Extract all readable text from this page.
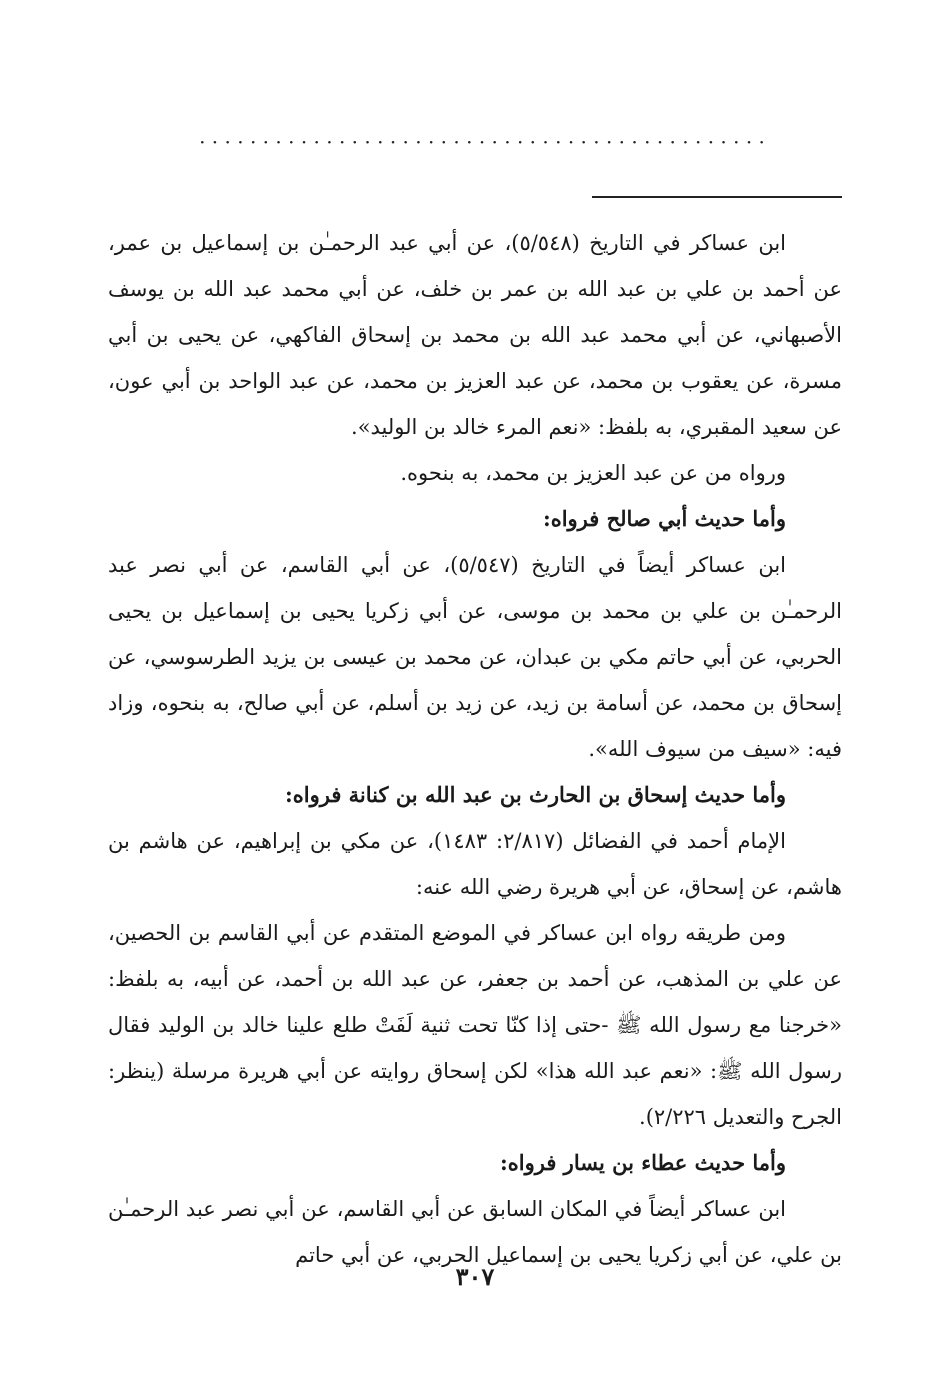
· · · · · · · · · · · · · · · · · · · · · · · · · · · · · · · · · · · · · · · · · · · · ·

ابن عساكر في التاريخ (٥/٥٤٨)، عن أبي عبد الرحمـٰن بن إسماعيل بن عمر، عن أحمد بن علي بن عبد الله بن عمر بن خلف، عن أبي محمد عبد الله بن يوسف الأصبهاني، عن أبي محمد عبد الله بن محمد بن إسحاق الفاكهي، عن يحيى بن أبي مسرة، عن يعقوب بن محمد، عن عبد العزيز بن محمد، عن عبد الواحد بن أبي عون، عن سعيد المقبري، به بلفظ: «نعم المرء خالد بن الوليد».

ورواه من عن عبد العزيز بن محمد، به بنحوه.

وأما حديث أبي صالح فرواه:

ابن عساكر أيضاً في التاريخ (٥/٥٤٧)، عن أبي القاسم، عن أبي نصر عبد الرحمـٰن بن علي بن محمد بن موسى، عن أبي زكريا يحيى بن إسماعيل بن يحيى الحربي، عن أبي حاتم مكي بن عبدان، عن محمد بن عيسى بن يزيد الطرسوسي، عن إسحاق بن محمد، عن أسامة بن زيد، عن زيد بن أسلم، عن أبي صالح، به بنحوه، وزاد فيه: «سيف من سيوف الله».

وأما حديث إسحاق بن الحارث بن عبد الله بن كنانة فرواه:

الإمام أحمد في الفضائل (٢/٨١٧: ١٤٨٣)، عن مكي بن إبراهيم، عن هاشم بن هاشم، عن إسحاق، عن أبي هريرة رضي الله عنه:

ومن طريقه رواه ابن عساكر في الموضع المتقدم عن أبي القاسم بن الحصين، عن علي بن المذهب، عن أحمد بن جعفر، عن عبد الله بن أحمد، عن أبيه، به بلفظ: «خرجنا مع رسول الله ﷺ -حتى إذا كنّا تحت ثنية لَفَتْ طلع علينا خالد بن الوليد فقال رسول الله ﷺ: «نعم عبد الله هذا» لكن إسحاق روايته عن أبي هريرة مرسلة (ينظر: الجرح والتعديل ٢/٢٢٦).

وأما حديث عطاء بن يسار فرواه:

ابن عساكر أيضاً في المكان السابق عن أبي القاسم، عن أبي نصر عبد الرحمـٰن بن علي، عن أبي زكريا يحيى بن إسماعيل الحربي، عن أبي حاتم

٣٠٧
